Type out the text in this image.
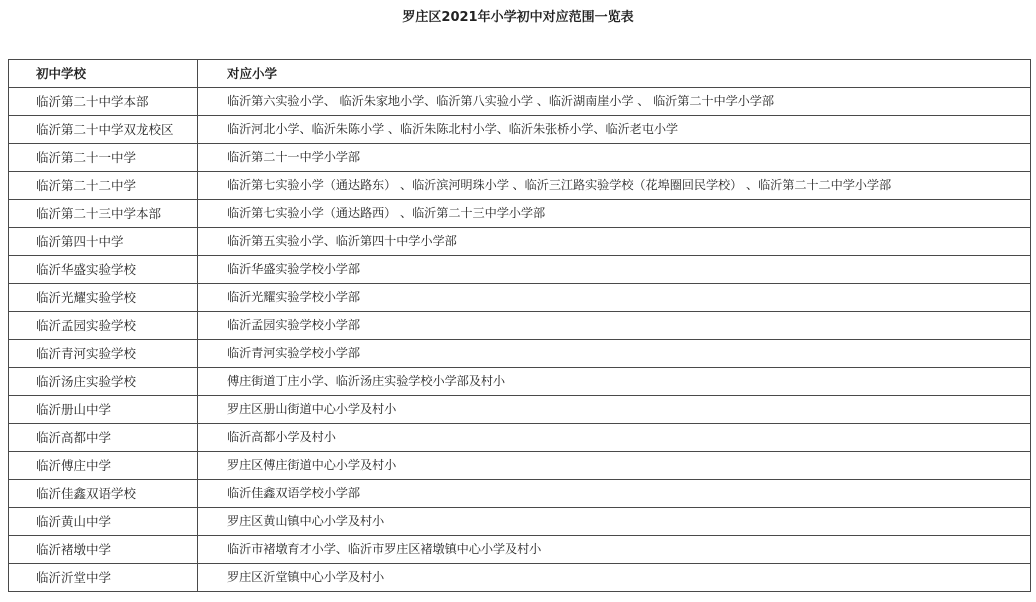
罗庄区2021年小学初中对应范围一览表
初中学校	对应小学
临沂第二十中学本部	临沂第六实验小学、 临沂朱家地小学、临沂第八实验小学 、临沂湖南崖小学 、 临沂第二十中学小学部
临沂第二十中学双龙校区	临沂河北小学、临沂朱陈小学 、临沂朱陈北村小学、临沂朱张桥小学、临沂老屯小学
临沂第二十一中学	临沂第二十一中学小学部
临沂第二十二中学	临沂第七实验小学（通达路东） 、临沂滨河明珠小学 、临沂三江路实验学校（花埠圈回民学校） 、临沂第二十二中学小学部
临沂第二十三中学本部	临沂第七实验小学（通达路西） 、临沂第二十三中学小学部
临沂第四十中学	临沂第五实验小学、临沂第四十中学小学部
临沂华盛实验学校	临沂华盛实验学校小学部
临沂光耀实验学校	临沂光耀实验学校小学部
临沂孟园实验学校	临沂孟园实验学校小学部
临沂青河实验学校	临沂青河实验学校小学部
临沂汤庄实验学校	傅庄街道丁庄小学、临沂汤庄实验学校小学部及村小
临沂册山中学	罗庄区册山街道中心小学及村小
临沂高都中学	临沂高都小学及村小
临沂傅庄中学	罗庄区傅庄街道中心小学及村小
临沂佳鑫双语学校	临沂佳鑫双语学校小学部
临沂黄山中学	罗庄区黄山镇中心小学及村小
临沂褚墩中学	临沂市褚墩育才小学、临沂市罗庄区褚墩镇中心小学及村小
临沂沂堂中学	罗庄区沂堂镇中心小学及村小
